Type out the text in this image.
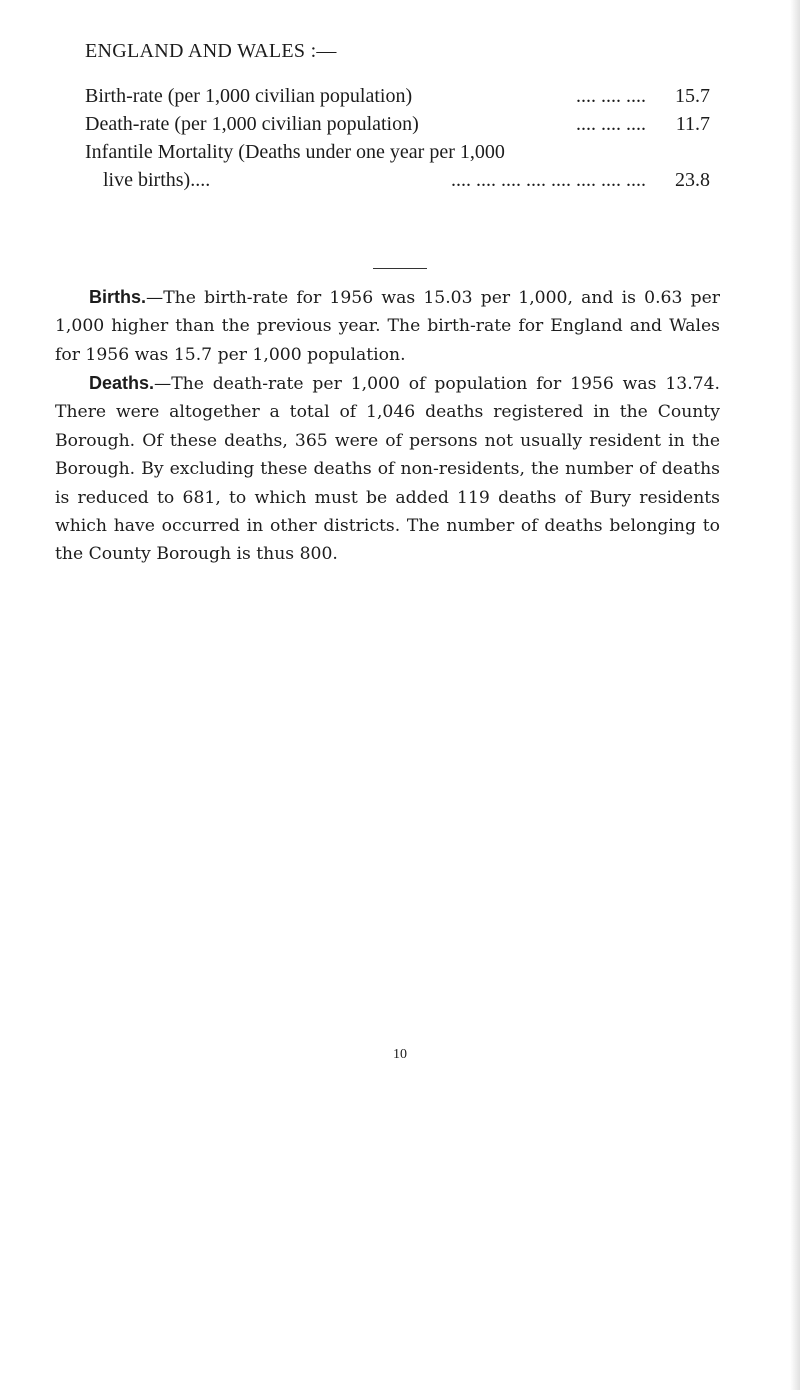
ENGLAND AND WALES :—
Birth-rate (per 1,000 civilian population)	.... .... ....	15.7
Death-rate (per 1,000 civilian population)	.... .... ....	11.7
Infantile Mortality (Deaths under one year per 1,000
live births)....	.... .... .... .... .... .... .... ....	23.8

Births.—The birth-rate for 1956 was 15.03 per 1,000, and is 0.63 per 1,000 higher than the previous year. The birth-rate for England and Wales for 1956 was 15.7 per 1,000 population.

Deaths.—The death-rate per 1,000 of population for 1956 was 13.74. There were altogether a total of 1,046 deaths registered in the County Borough. Of these deaths, 365 were of persons not usually resident in the Borough. By excluding these deaths of non-residents, the number of deaths is reduced to 681, to which must be added 119 deaths of Bury residents which have occurred in other districts. The number of deaths belonging to the County Borough is thus 800.

10
